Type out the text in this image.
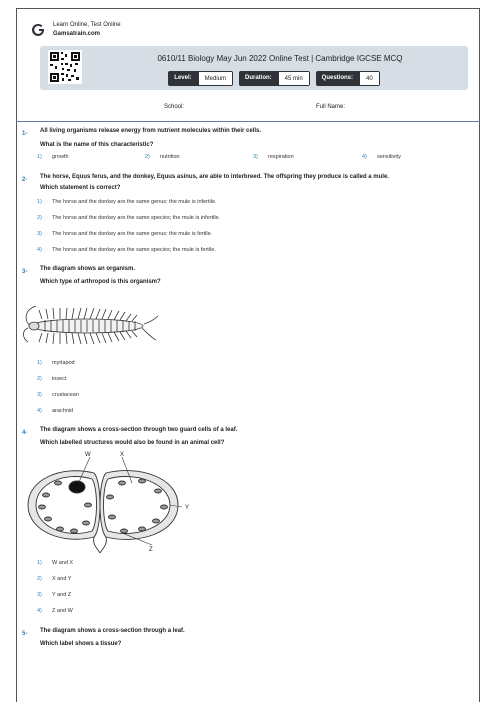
Learn Online, Test Online
Gamsatrain.com
0610/11 Biology May Jun 2022 Online Test | Cambridge IGCSE MCQ
Level:	Medium	Duration:	45 min	Questions:	40
School:	Full Name:
1- All living organisms release energy from nutrient molecules within their cells.
What is the name of this characteristic?
1) growth	2) nutrition	3) respiration	4) sensitivity
2- The horse, Equus ferus, and the donkey, Equus asinus, are able to interbreed. The offspring they produce is called a mule.
Which statement is correct?
1) The horse and the donkey are the same genus; the mule is infertile.
2) The horse and the donkey are the same species; the mule is infertile.
3) The horse and the donkey are the same genus; the mule is fertile.
4) The horse and the donkey are the same species; the mule is fertile.
3- The diagram shows an organism.
Which type of arthropod is this organism?
1) myriapod
2) insect
3) crustacean
4) arachnid
4- The diagram shows a cross-section through two guard cells of a leaf.
Which labelled structures would also be found in an animal cell?
W	X
Y
Z
1) W and X
2) X and Y
3) Y and Z
4) Z and W
5- The diagram shows a cross-section through a leaf.
Which label shows a tissue?
